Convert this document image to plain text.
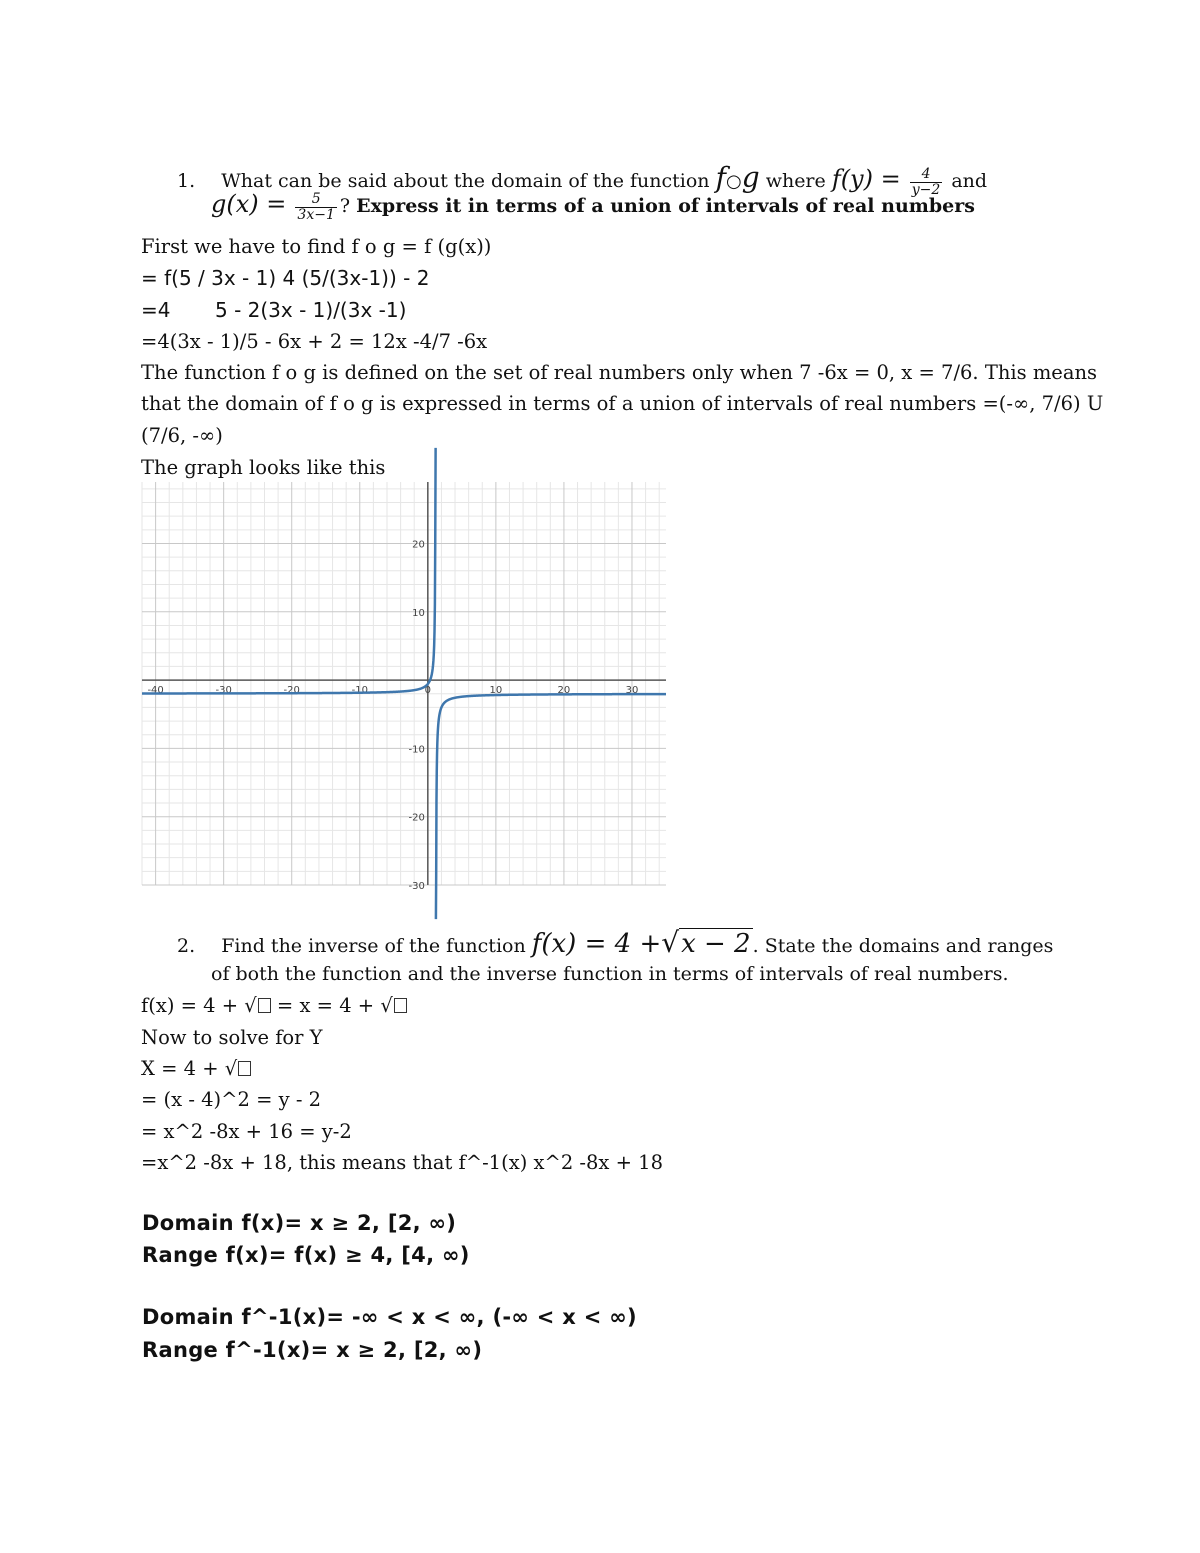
1. What can be said about the domain of the function f○g where $f(y) = \frac{4}{y-2}$ and
$g(x) = \frac{5}{3x-1}$ ? Express it in terms of a union of intervals of real numbers
First we have to find f o g = f (g(x))
= f(5 / 3x - 1) 4 (5/(3x-1)) - 2
=4       5 - 2(3x - 1)/(3x -1)
=4(3x - 1)/5 - 6x + 2 = 12x -4/7 -6x
The function f o g is defined on the set of real numbers only when 7 -6x = 0, x = 7/6. This means
that the domain of f o g is expressed in terms of a union of intervals of real numbers =(-∞, 7/6) U
(7/6, -∞)
The graph looks like this
-40	-30	-20	-10	0	10	20	30
20
10
-10
-20
-30
2. Find the inverse of the function f(x) = 4 +√x − 2 . State the domains and ranges
of both the function and the inverse function in terms of intervals of real numbers.
f(x) = 4 + √ = x = 4 + √
Now to solve for Y
X = 4 + √
= (x - 4)^2 = y - 2
= x^2 -8x + 16 = y-2
=x^2 -8x + 18, this means that f^-1(x) x^2 -8x + 18
Domain f(x)= x ≥ 2, [2, ∞)
Range f(x)= f(x) ≥ 4, [4, ∞)
Domain f^-1(x)= -∞ < x < ∞, (-∞ < x < ∞)
Range f^-1(x)= x ≥ 2, [2, ∞)
